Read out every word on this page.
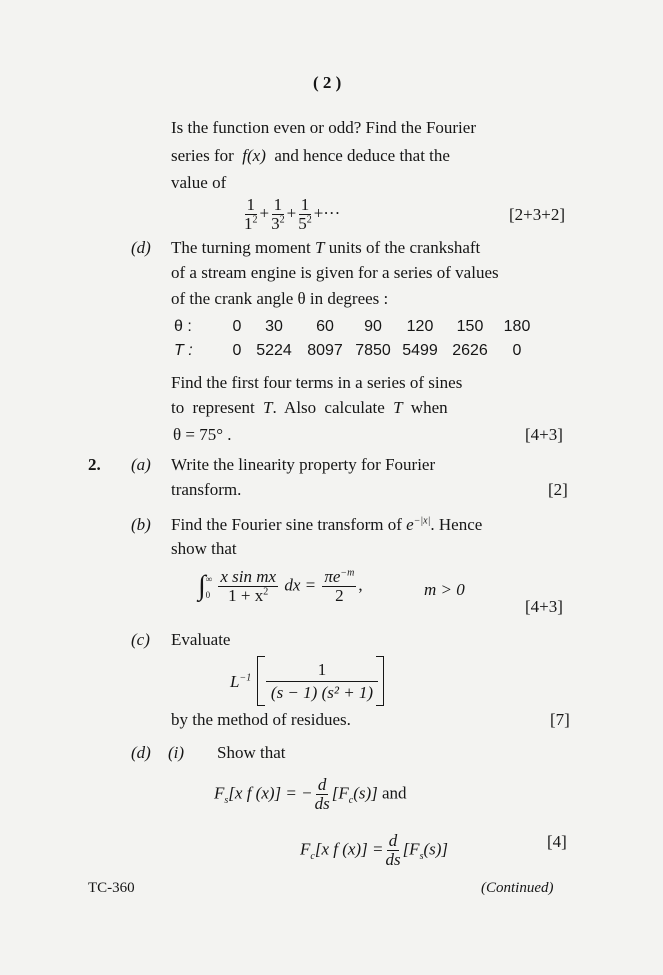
( 2 )
Is the function even or odd? Find the Fourier
series for f(x) and hence deduce that the
value of
$\frac{1}{1^2} + \frac{1}{3^2} + \frac{1}{5^2}$ +···	[2+3+2]
(d) The turning moment T units of the crankshaft
of a stream engine is given for a series of values
of the crank angle θ in degrees :
θ :	0 30 60 90 120 150 180
T : 0 5224 8097 7850 5499 2626 0
Find the first four terms in a series of sines
to represent T. Also calculate T when
θ = 75° .	[4+3]
2. (a) Write the linearity property for Fourier
transform.	[2]
(b) Find the Fourier sine transform of $e^{-|x|}$. Hence
show that
∫ ∞
0
$\frac{\text{x sin mx}}{1 + x^2}$ dx = $\frac{\pi e^{-m}}{2}$ ,	m > 0
[4+3]
(c) Evaluate
$L^{-1}$	1
(s − 1) (s² + 1)
by the method of residues.	[7]
(d) (i) Show that
$F_s[x$ f (x)] = − $\frac{d}{ds} [F_c(s)]$ and
$F_c[x$ f $(x)] = \frac{d}{ds} [F_s(s)]$	[4]
TC-360	(Continued)
